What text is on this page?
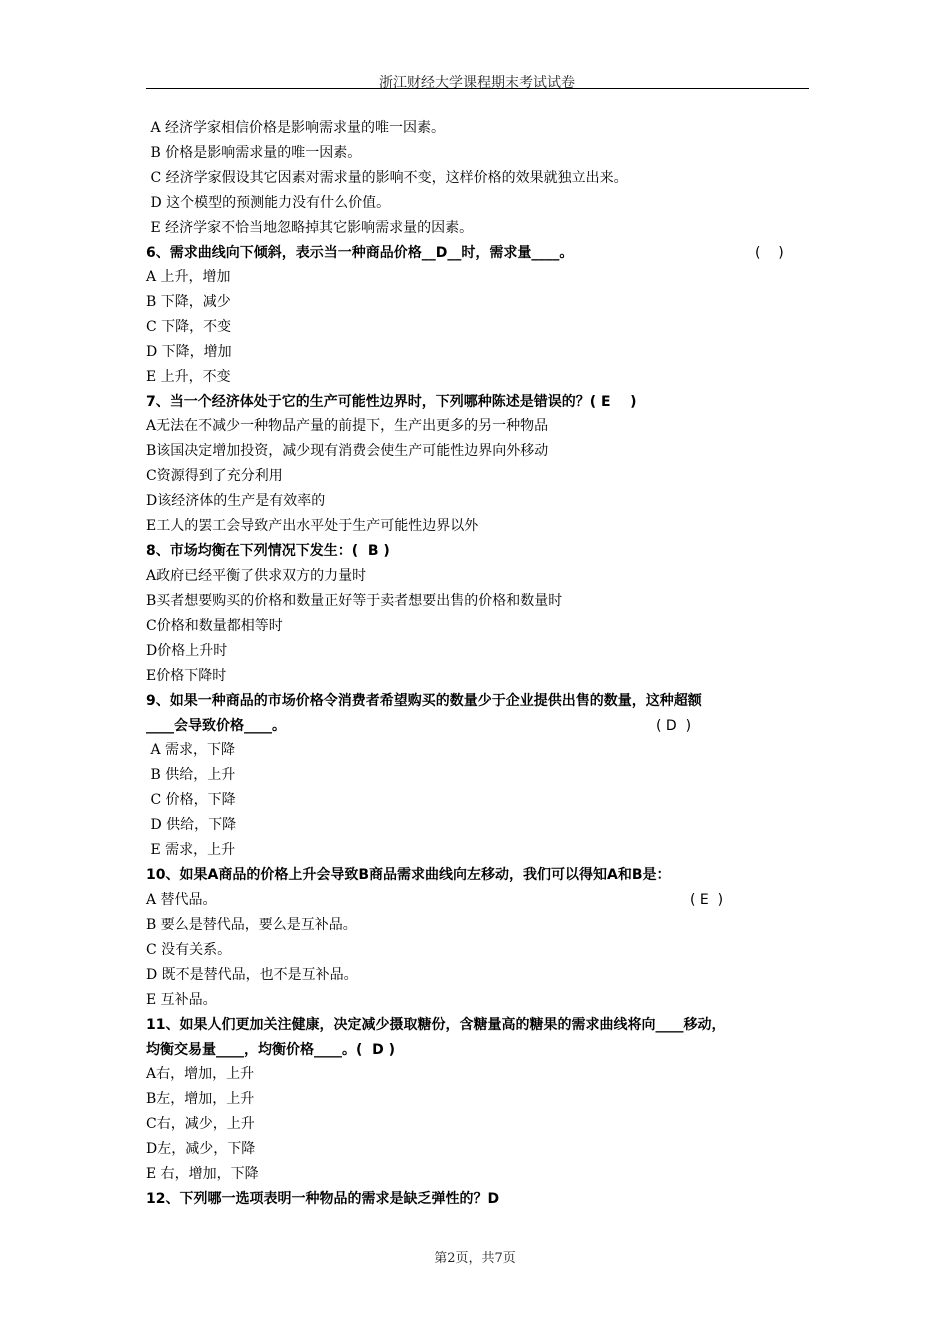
浙江财经大学课程期末考试试卷
A 经济学家相信价格是影响需求量的唯一因素。
B 价格是影响需求量的唯一因素。
C 经济学家假设其它因素对需求量的影响不变，这样价格的效果就独立出来。
D 这个模型的预测能力没有什么价值。
E 经济学家不恰当地忽略掉其它影响需求量的因素。
6、需求曲线向下倾斜，表示当一种商品价格__D__时，需求量____。
A 上升，增加
B 下降，减少
C 下降，不变
D 下降，增加
E 上升，不变
7、当一个经济体处于它的生产可能性边界时，下列哪种陈述是错误的？( E    )
A无法在不减少一种物品产量的前提下，生产出更多的另一种物品
B该国决定增加投资，减少现有消费会使生产可能性边界向外移动
C资源得到了充分利用
D该经济体的生产是有效率的
E工人的罢工会导致产出水平处于生产可能性边界以外
8、市场均衡在下列情况下发生：(  B )
A政府已经平衡了供求双方的力量时
B买者想要购买的价格和数量正好等于卖者想要出售的价格和数量时
C价格和数量都相等时
D价格上升时
E价格下降时
9、如果一种商品的市场价格令消费者希望购买的数量少于企业提供出售的数量，这种超额
____会导致价格____。
A 需求，下降
B 供给，上升
C 价格，下降
D 供给，下降
E 需求，上升
10、如果A商品的价格上升会导致B商品需求曲线向左移动，我们可以得知A和B是：
A 替代品。
B 要么是替代品，要么是互补品。
C 没有关系。
D 既不是替代品，也不是互补品。
E 互补品。
11、如果人们更加关注健康，决定减少摄取糖份，含糖量高的糖果的需求曲线将向____移动，
均衡交易量____，均衡价格____。(  D )
A右，增加，上升
B左，增加，上升
C右，减少，上升
D左，减少，下降
E 右，增加，下降
12、下列哪一选项表明一种物品的需求是缺乏弹性的？D
(    )
( D  )
( E  )
第2页，共7页
